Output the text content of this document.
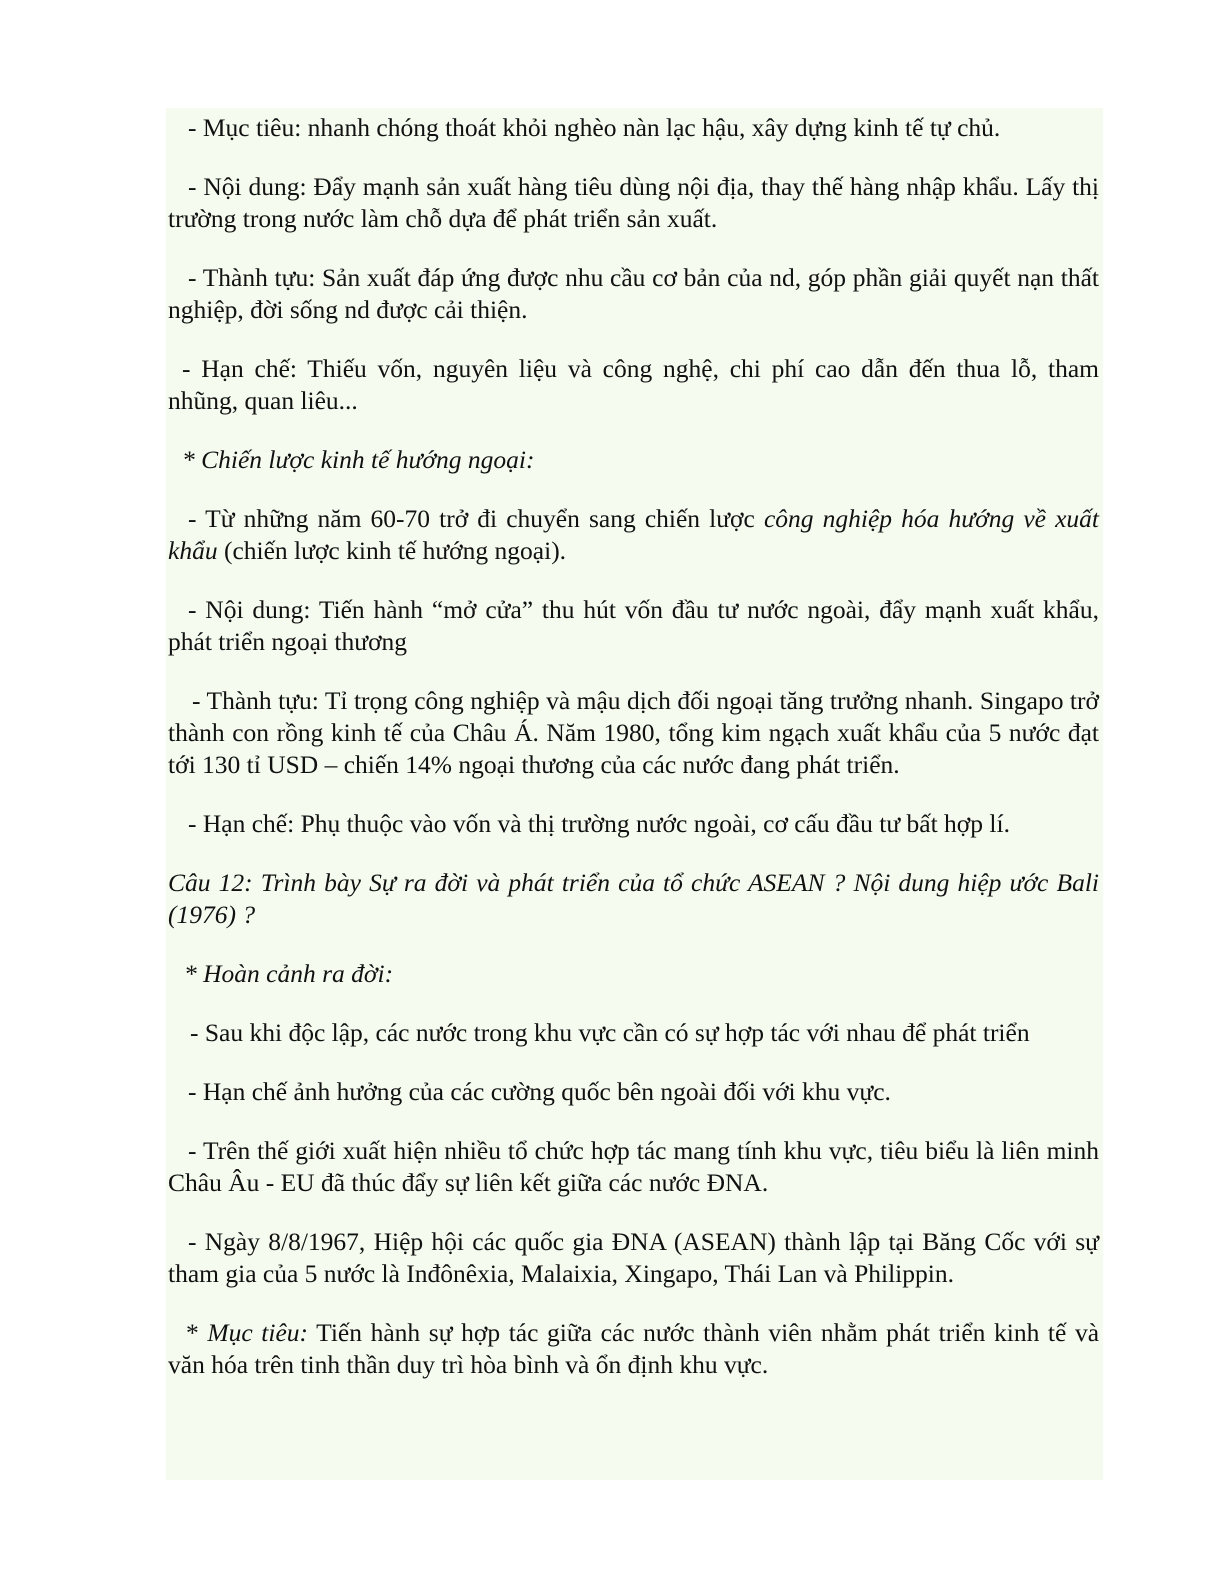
- Mục tiêu: nhanh chóng thoát khỏi nghèo nàn lạc hậu, xây dựng kinh tế tự chủ.

- Nội dung: Đẩy mạnh sản xuất hàng tiêu dùng nội địa, thay thế hàng nhập khẩu. Lấy thị trường trong nước làm chỗ dựa để phát triển sản xuất.

- Thành tựu: Sản xuất đáp ứng được nhu cầu cơ bản của nd, góp phần giải quyết nạn thất nghiệp, đời sống nd được cải thiện.

- Hạn chế: Thiếu vốn, nguyên liệu và công nghệ, chi phí cao dẫn đến thua lỗ, tham nhũng, quan liêu...

* Chiến lược kinh tế hướng ngoại:

- Từ những năm 60-70 trở đi chuyển sang chiến lược công nghiệp hóa hướng về xuất khẩu (chiến lược kinh tế hướng ngoại).

- Nội dung: Tiến hành “mở cửa” thu hút vốn đầu tư nước ngoài, đẩy mạnh xuất khẩu, phát triển ngoại thương

- Thành tựu: Tỉ trọng công nghiệp và mậu dịch đối ngoại tăng trưởng nhanh. Singapo trở thành con rồng kinh tế của Châu Á. Năm 1980, tổng kim ngạch xuất khẩu của 5 nước đạt tới 130 tỉ USD – chiến 14% ngoại thương của các nước đang phát triển.

- Hạn chế: Phụ thuộc vào vốn và thị trường nước ngoài, cơ cấu đầu tư bất hợp lí.

Câu 12: Trình bày Sự ra đời và phát triển của tổ chức ASEAN ? Nội dung hiệp ước Bali (1976) ?

* Hoàn cảnh ra đời:

- Sau khi độc lập, các nước trong khu vực cần có sự hợp tác với nhau để phát triển

- Hạn chế ảnh hưởng của các cường quốc bên ngoài đối với khu vực.

- Trên thế giới xuất hiện nhiều tổ chức hợp tác mang tính khu vực, tiêu biểu là liên minh Châu Âu - EU đã thúc đẩy sự liên kết giữa các nước ĐNA.

- Ngày 8/8/1967, Hiệp hội các quốc gia ĐNA (ASEAN) thành lập tại Băng Cốc với sự tham gia của 5 nước là Inđônêxia, Malaixia, Xingapo, Thái Lan và Philippin.

* Mục tiêu: Tiến hành sự hợp tác giữa các nước thành viên nhằm phát triển kinh tế và văn hóa trên tinh thần duy trì hòa bình và ổn định khu vực.
